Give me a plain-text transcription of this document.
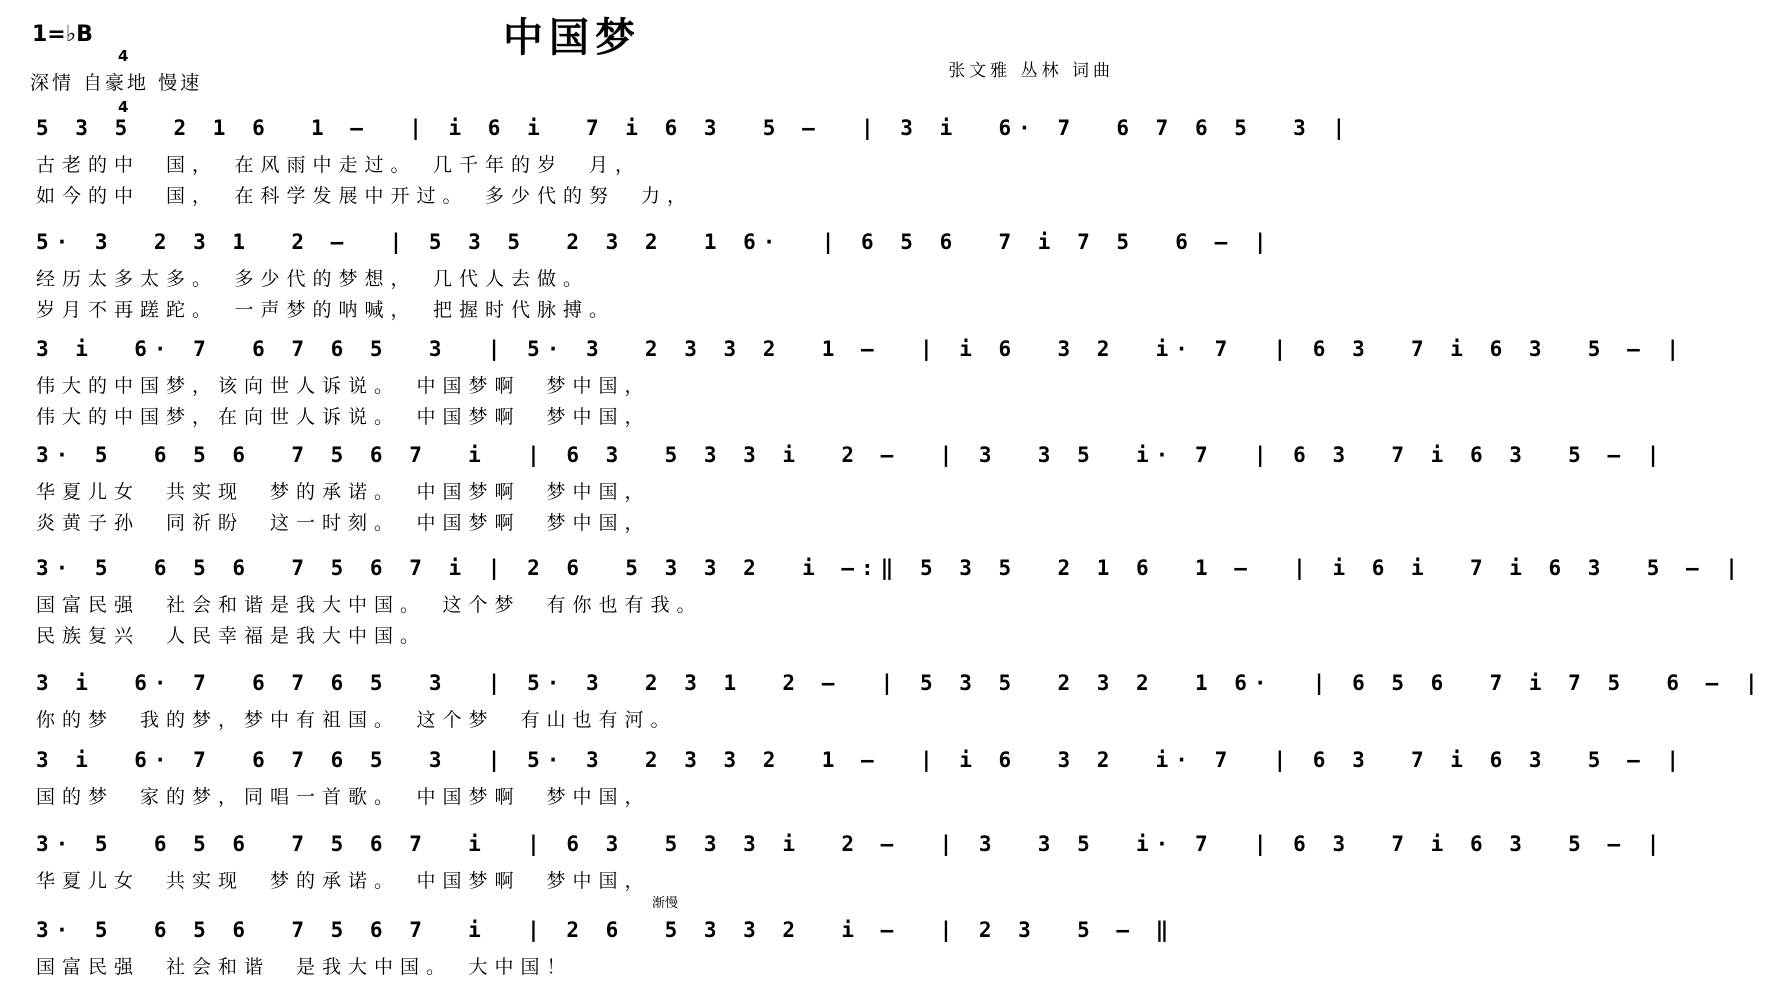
中国梦
1=♭B

4

4

深情 自豪地 慢速
张文雅 丛林 词曲
5 3 5  2 1 6  1 –  | i 6 i  7 i 6 3  5 –  | 3 i  6· 7  6 7 6 5  3 |
古老的中　国，　在风雨中走过。　几千年的岁　月，
如今的中　国，　在科学发展中开过。　多少代的努　力，
5· 3  2 3 1  2 –  | 5 3 5  2 3 2  1 6·  | 6 5 6  7 i 7 5  6 – |
经历太多太多。　多少代的梦想，　几代人去做。
岁月不再蹉跎。　一声梦的呐喊，　把握时代脉搏。
3 i  6· 7  6 7 6 5  3  | 5· 3  2 3 3 2  1 –  | i 6  3 2  i· 7  | 6 3  7 i 6 3  5 – |
伟大的中国梦，该向世人诉说。　中国梦啊　梦中国，
伟大的中国梦，在向世人诉说。　中国梦啊　梦中国，
3· 5  6 5 6  7 5 6 7  i  | 6 3  5 3 3 i  2 –  | 3  3 5  i· 7  | 6 3  7 i 6 3  5 – |
华夏儿女　共实现　梦的承诺。　中国梦啊　梦中国，
炎黄子孙　同祈盼　这一时刻。　中国梦啊　梦中国，
3· 5  6 5 6  7 5 6 7 i | 2 6  5 3 3 2  i –:‖ 5 3 5  2 1 6  1 –  | i 6 i  7 i 6 3  5 – |
国富民强　社会和谐是我大中国。　这个梦　有你也有我。
民族复兴　人民幸福是我大中国。
3 i  6· 7  6 7 6 5  3  | 5· 3  2 3 1  2 –  | 5 3 5  2 3 2  1 6·  | 6 5 6  7 i 7 5  6 – |
你的梦　我的梦，梦中有祖国。　这个梦　有山也有河。
3 i  6· 7  6 7 6 5  3  | 5· 3  2 3 3 2  1 –  | i 6  3 2  i· 7  | 6 3  7 i 6 3  5 – |
国的梦　家的梦，同唱一首歌。　中国梦啊　梦中国，
3· 5  6 5 6  7 5 6 7  i  | 6 3  5 3 3 i  2 –  | 3  3 5  i· 7  | 6 3  7 i 6 3  5 – |
华夏儿女　共实现　梦的承诺。　中国梦啊　梦中国，
3· 5  6 5 6  7 5 6 7  i  | 2 6  5 3 3 2  i –  | 2 3  5 – ‖
国富民强　社会和谐　是我大中国。　大中国！
渐慢
